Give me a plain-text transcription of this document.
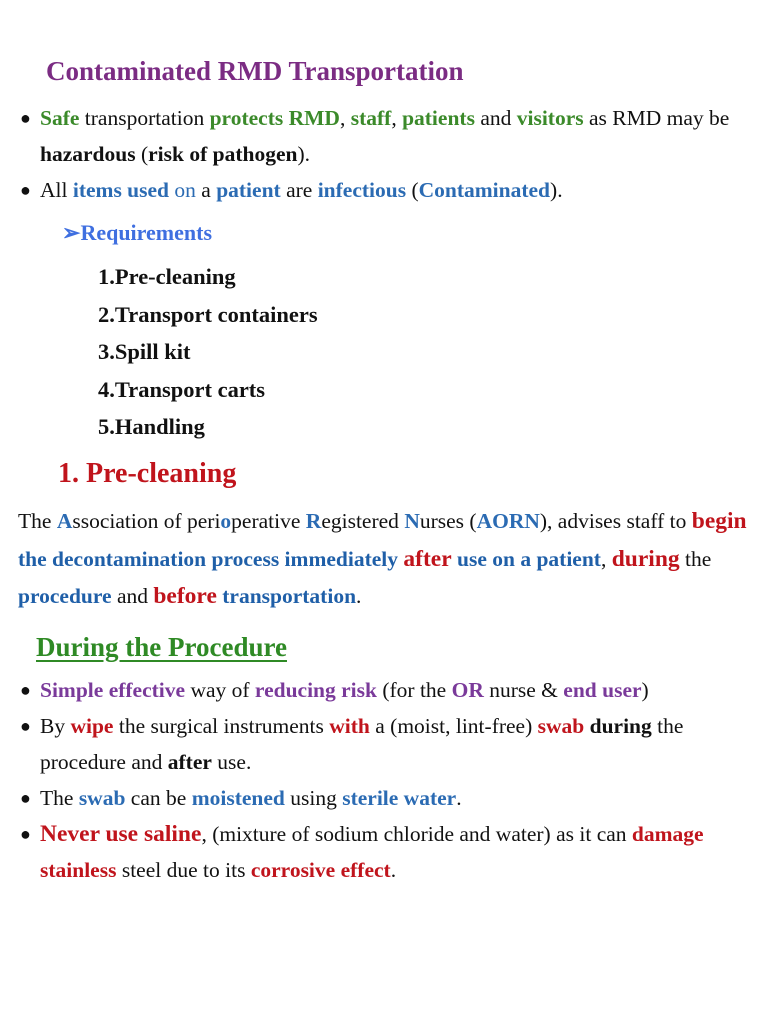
Contaminated RMD Transportation
● Safe transportation protects RMD, staff, patients and visitors as RMD may be hazardous (risk of pathogen).
● All items used on a patient are infectious (Contaminated).
➢Requirements
1.Pre-cleaning
2.Transport containers
3.Spill kit
4.Transport carts
5.Handling
1. Pre-cleaning
The Association of perioperative Registered Nurses (AORN), advises staff to begin the decontamination process immediately after use on a patient, during the procedure and before transportation.
During the Procedure
● Simple effective way of reducing risk (for the OR nurse & end user)
● By wipe the surgical instruments with a (moist, lint-free) swab during the procedure and after use.
● The swab can be moistened using sterile water.
● Never use saline, (mixture of sodium chloride and water) as it can damage stainless steel due to its corrosive effect.
